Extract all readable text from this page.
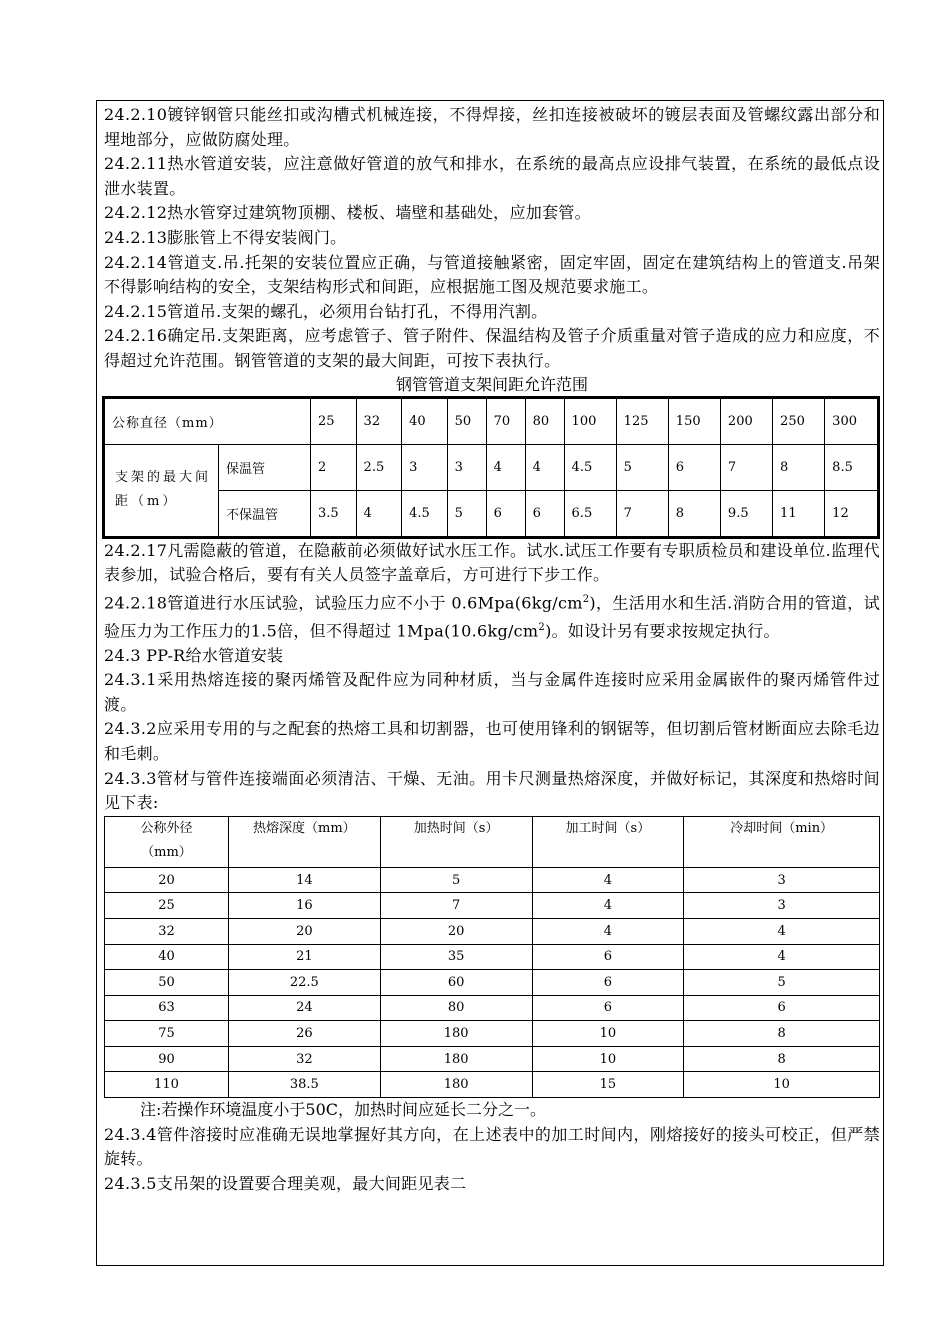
24.2.10镀锌钢管只能丝扣或沟槽式机械连接，不得焊接，丝扣连接被破坏的镀层表面及管螺纹露出部分和埋地部分，应做防腐处理。

24.2.11热水管道安装，应注意做好管道的放气和排水，在系统的最高点应设排气装置，在系统的最低点设泄水装置。

24.2.12热水管穿过建筑物顶棚、楼板、墙壁和基础处，应加套管。

24.2.13膨胀管上不得安装阀门。

24.2.14管道支.吊.托架的安装位置应正确，与管道接触紧密，固定牢固，固定在建筑结构上的管道支.吊架不得影响结构的安全，支架结构形式和间距，应根据施工图及规范要求施工。

24.2.15管道吊.支架的螺孔，必须用台钻打孔，不得用汽割。

24.2.16确定吊.支架距离，应考虑管子、管子附件、保温结构及管子介质重量对管子造成的应力和应度，不得超过允许范围。钢管管道的支架的最大间距，可按下表执行。

钢管管道支架间距允许范围

公称直径（mm）		25	32	40	50	70	80	100	125	150	200	250	300
支架的最大间距（m）	保温管	2	2.5	3	3	4	4	4.5	5	6	7	8	8.5
	不保温管	3.5	4	4.5	5	6	6	6.5	7	8	9.5	11	12

24.2.17凡需隐蔽的管道，在隐蔽前必须做好试水压工作。试水.试压工作要有专职质检员和建设单位.监理代表参加，试验合格后，要有有关人员签字盖章后，方可进行下步工作。

24.2.18管道进行水压试验，试验压力应不小于 $0.6Mpa(6kg/cm^2)$，生活用水和生活.消防合用的管道，试验压力为工作压力的1.5倍，但不得超过 $1Mpa(10.6kg/cm^2)$。如设计另有要求按规定执行。

24.3 PP-R给水管道安装

24.3.1采用热熔连接的聚丙烯管及配件应为同种材质，当与金属件连接时应采用金属嵌件的聚丙烯管件过渡。

24.3.2应采用专用的与之配套的热熔工具和切割器，也可使用锋利的钢锯等，但切割后管材断面应去除毛边和毛刺。

24.3.3管材与管件连接端面必须清洁、干燥、无油。用卡尺测量热熔深度，并做好标记，其深度和热熔时间见下表:

公称外径（mm）	热熔深度（mm）	加热时间（s）	加工时间（s）	冷却时间（min）
20	14	5	4	3
25	16	7	4	3
32	20	20	4	4
40	21	35	6	4
50	22.5	60	6	5
63	24	80	6	6
75	26	180	10	8
90	32	180	10	8
110	38.5	180	15	10

注:若操作环境温度小于50C，加热时间应延长二分之一。

24.3.4管件溶接时应准确无误地掌握好其方向，在上述表中的加工时间内，刚熔接好的接头可校正，但严禁旋转。

24.3.5支吊架的设置要合理美观，最大间距见表二
